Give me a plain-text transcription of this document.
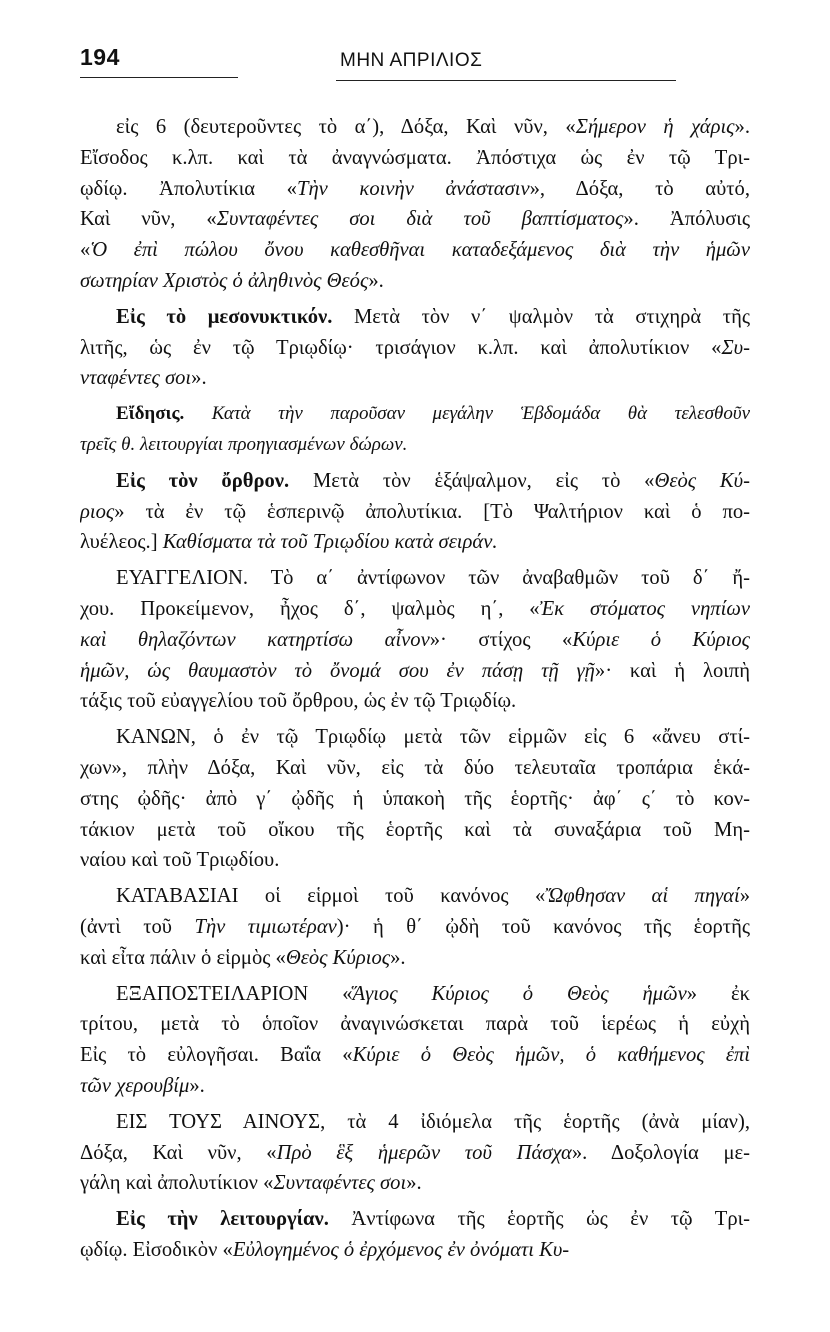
194	ΜΗΝ ΑΠΡΙΛΙΟΣ
εἰς 6 (δευτεροῦντες τὸ α΄), Δόξα, Καὶ νῦν, «Σήμερον ἡ χάρις».
Εἴσοδος κ.λπ. καὶ τὰ ἀναγνώσματα. Ἀπόστιχα ὡς ἐν τῷ Τρι-
ῳδίῳ. Ἀπολυτίκια «Τὴν κοινὴν ἀνάστασιν», Δόξα, τὸ αὐτό,
Καὶ νῦν, «Συνταφέντες σοι διὰ τοῦ βαπτίσματος». Ἀπόλυσις
«Ὁ ἐπὶ πώλου ὄνου καθεσθῆναι καταδεξάμενος διὰ τὴν ἡμῶν
σωτηρίαν Χριστὸς ὁ ἀληθινὸς Θεός».
Εἰς τὸ μεσονυκτικόν. Μετὰ τὸν ν΄ ψαλμὸν τὰ στιχηρὰ τῆς
λιτῆς, ὡς ἐν τῷ Τριῳδίῳ· τρισάγιον κ.λπ. καὶ ἀπολυτίκιον «Συ-
νταφέντες σοι».
Εἴδησις. Κατὰ τὴν παροῦσαν μεγάλην Ἑβδομάδα θὰ τελεσθοῦν
τρεῖς θ. λειτουργίαι προηγιασμένων δώρων.
Εἰς τὸν ὄρθρον. Μετὰ τὸν ἑξάψαλμον, εἰς τὸ «Θεὸς Κύ-
ριος» τὰ ἐν τῷ ἑσπερινῷ ἀπολυτίκια. [Τὸ Ψαλτήριον καὶ ὁ πο-
λυέλεος.] Καθίσματα τὰ τοῦ Τριῳδίου κατὰ σειράν.
ΕΥΑΓΓΕΛΙΟΝ. Τὸ α΄ ἀντίφωνον τῶν ἀναβαθμῶν τοῦ δ΄ ἤ-
χου. Προκείμενον, ἦχος δ΄, ψαλμὸς η΄, «Ἐκ στόματος νηπίων
καὶ θηλαζόντων κατηρτίσω αἶνον»· στίχος «Κύριε ὁ Κύριος
ἡμῶν, ὡς θαυμαστὸν τὸ ὄνομά σου ἐν πάσῃ τῇ γῇ»· καὶ ἡ λοιπὴ
τάξις τοῦ εὐαγγελίου τοῦ ὄρθρου, ὡς ἐν τῷ Τριῳδίῳ.
ΚΑΝΩΝ, ὁ ἐν τῷ Τριῳδίῳ μετὰ τῶν εἱρμῶν εἰς 6 «ἄνευ στί-
χων», πλὴν Δόξα, Καὶ νῦν, εἰς τὰ δύο τελευταῖα τροπάρια ἑκά-
στης ᾠδῆς· ἀπὸ γ΄ ᾠδῆς ἡ ὑπακοὴ τῆς ἑορτῆς· ἀφ΄ ς΄ τὸ κον-
τάκιον μετὰ τοῦ οἴκου τῆς ἑορτῆς καὶ τὰ συναξάρια τοῦ Μη-
ναίου καὶ τοῦ Τριῳδίου.
ΚΑΤΑΒΑΣΙΑΙ οἱ εἱρμοὶ τοῦ κανόνος «Ὤφθησαν αἱ πηγαί»
(ἀντὶ τοῦ Τὴν τιμιωτέραν)· ἡ θ΄ ᾠδὴ τοῦ κανόνος τῆς ἑορτῆς
καὶ εἶτα πάλιν ὁ εἱρμὸς «Θεὸς Κύριος».
ΕΞΑΠΟΣΤΕΙΛΑΡΙΟΝ «Ἅγιος Κύριος ὁ Θεὸς ἡμῶν» ἐκ
τρίτου, μετὰ τὸ ὁποῖον ἀναγινώσκεται παρὰ τοῦ ἱερέως ἡ εὐχὴ
Εἰς τὸ εὐλογῆσαι. Βαΐα «Κύριε ὁ Θεὸς ἡμῶν, ὁ καθήμενος ἐπὶ
τῶν χερουβίμ».
ΕΙΣ ΤΟΥΣ ΑΙΝΟΥΣ, τὰ 4 ἰδιόμελα τῆς ἑορτῆς (ἀνὰ μίαν),
Δόξα, Καὶ νῦν, «Πρὸ ἓξ ἡμερῶν τοῦ Πάσχα». Δοξολογία με-
γάλη καὶ ἀπολυτίκιον «Συνταφέντες σοι».
Εἰς τὴν λειτουργίαν. Ἀντίφωνα τῆς ἑορτῆς ὡς ἐν τῷ Τρι-
ῳδίῳ. Εἰσοδικὸν «Εὐλογημένος ὁ ἐρχόμενος ἐν ὀνόματι Κυ-
